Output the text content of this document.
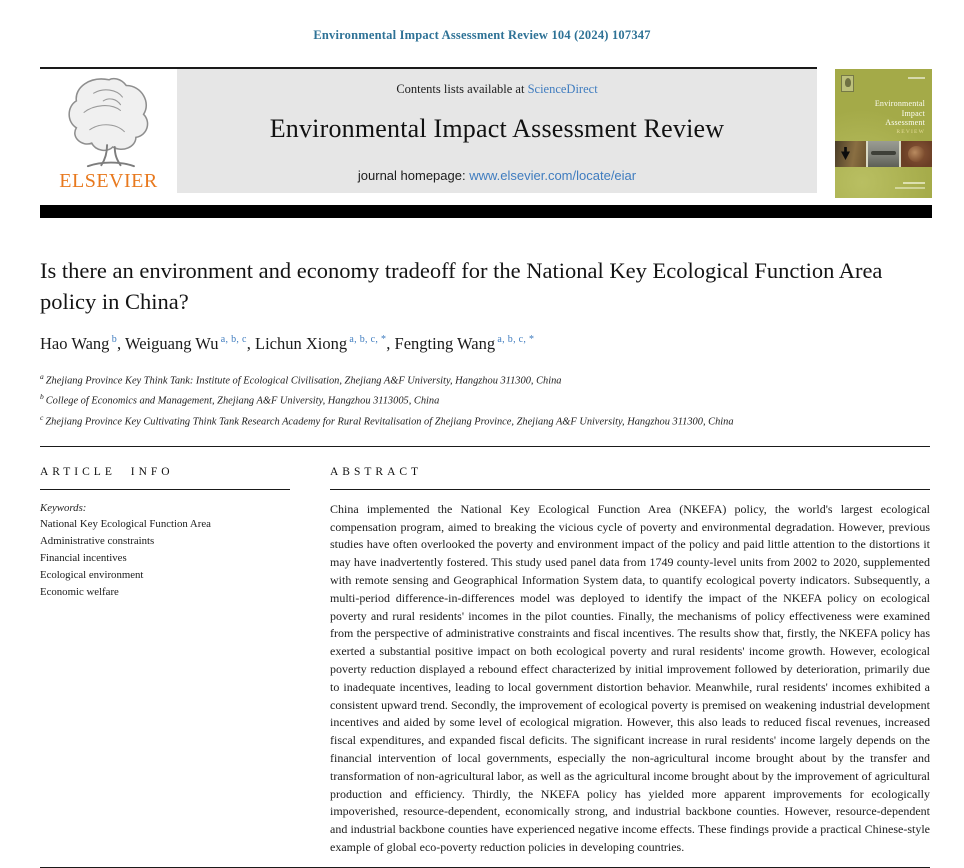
Environmental Impact Assessment Review 104 (2024) 107347
ELSEVIER
Contents lists available at ScienceDirect
Environmental Impact Assessment Review
journal homepage: www.elsevier.com/locate/eiar
Environmental
Impact
Assessment
REVIEW
Is there an environment and economy tradeoff for the National Key Ecological Function Area policy in China?
Hao Wang $^b$, Weiguang Wu $^{a, b, c}$, Lichun Xiong $^{a, b, c, *}$, Fengting Wang $^{a, b, c, *}$
$^a$ Zhejiang Province Key Think Tank: Institute of Ecological Civilisation, Zhejiang A&F University, Hangzhou 311300, China
$^b$ College of Economics and Management, Zhejiang A&F University, Hangzhou 3113005, China
$^c$ Zhejiang Province Key Cultivating Think Tank Research Academy for Rural Revitalisation of Zhejiang Province, Zhejiang A&F University, Hangzhou 311300, China
ARTICLE INFO
Keywords:
National Key Ecological Function Area
Administrative constraints
Financial incentives
Ecological environment
Economic welfare
ABSTRACT
China implemented the National Key Ecological Function Area (NKEFA) policy, the world's largest ecological compensation program, aimed to breaking the vicious cycle of poverty and environmental degradation. However, previous studies have often overlooked the poverty and environment impact of the policy and paid little attention to the distortions it may have inadvertently fostered. This study used panel data from 1749 county-level units from 2002 to 2020, supplemented with remote sensing and Geographical Information System data, to quantify ecological poverty indicators. Subsequently, a multi-period difference-in-differences model was deployed to identify the impact of the NKEFA policy on ecological poverty and rural residents' incomes in the pilot counties. Finally, the mechanisms of policy effectiveness were examined from the perspective of administrative constraints and fiscal incentives. The results show that, firstly, the NKEFA policy has exerted a substantial positive impact on both ecological poverty and rural residents' income growth. However, ecological poverty reduction displayed a rebound effect characterized by initial improvement followed by deterioration, primarily due to inadequate incentives, leading to local government distortion behavior. Meanwhile, rural residents' incomes exhibited a consistent upward trend. Secondly, the improvement of ecological poverty is premised on weakening industrial development incentives and aided by some level of ecological migration. However, this also leads to reduced fiscal revenues, increased fiscal expenditures, and expanded fiscal deficits. The significant increase in rural residents' income largely depends on the financial intervention of local governments, especially the non-agricultural income brought about by the transfer and transformation of non-agricultural labor, as well as the agricultural income brought about by the improvement of agricultural production and efficiency. Thirdly, the NKEFA policy has yielded more apparent improvements for ecologically impoverished, resource-dependent, economically strong, and industrial backbone counties. However, resource-dependent and industrial backbone counties have experienced negative income effects. These findings provide a practical Chinese-style example of global eco-poverty reduction policies in developing countries.
